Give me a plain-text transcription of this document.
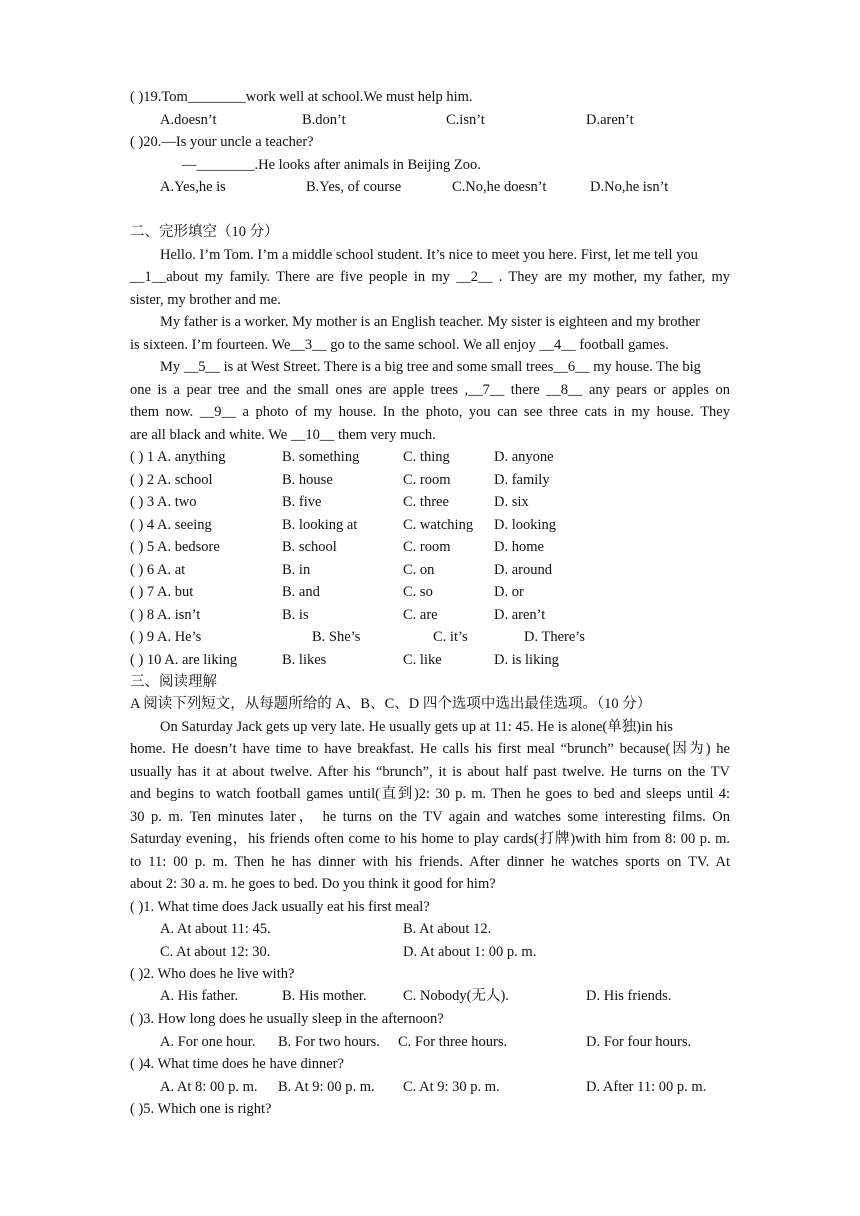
( )19.Tom________work well at school.We must help him.
A.doesn’t	B.don’t	C.isn’t	D.aren’t
( )20.—Is your uncle a teacher?
—________.He looks after animals in Beijing Zoo.
A.Yes,he is	B.Yes, of course	C.No,he doesn’t	D.No,he isn’t
二、完形填空（10 分）
Hello. I’m Tom. I’m a middle school student. It’s nice to meet you here. First, let me tell you
__1__about my family. There are five people in my __2__ . They are my mother, my father, my
sister, my brother and me.
My father is a worker. My mother is an English teacher. My sister is eighteen and my brother
is sixteen. I’m fourteen. We__3__ go to the same school. We all enjoy __4__ football games.
My __5__ is at West Street. There is a big tree and some small trees__6__ my house. The big
one is a pear tree and the small ones are apple trees ,__7__ there __8__ any pears or apples on
them now. __9__ a photo of my house. In the photo, you can see three cats in my house. They
are all black and white. We __10__ them very much.
( ) 1 A. anything	B. something	C. thing	D. anyone
( ) 2 A. school	B. house	C. room	D. family
( ) 3 A. two	B. five	C. three	D. six
( ) 4 A. seeing	B. looking at	C. watching D. looking
( ) 5 A. bedsore	B. school	C. room	D. home
( ) 6 A. at	B. in	C. on	D. around
( ) 7 A. but	B. and	C. so	D. or
( ) 8 A. isn’t	B. is	C. are	D. aren’t
( ) 9 A. He’s	B. She’s	C. it’s	D. There’s
( ) 10 A. are liking	B. likes	C. like	D. is liking
三、阅读理解
A 阅读下列短文，从每题所给的 A、B、C、D 四个选项中选出最佳选项。（10 分）
On Saturday Jack gets up very late. He usually gets up at 11: 45. He is alone(单独)in his
home. He doesn’t have time to have breakfast. He calls his first meal “brunch” because(因为) he
usually has it at about twelve. After his “brunch”, it is about half past twelve. He turns on the TV
and begins to watch football games until(直到)2: 30 p. m. Then he goes to bed and sleeps until 4:
30 p. m. Ten minutes later， he turns on the TV again and watches some interesting films. On
Saturday evening，his friends often come to his home to play cards(打牌)with him from 8: 00 p. m.
to 11: 00 p. m. Then he has dinner with his friends. After dinner he watches sports on TV. At
about 2: 30 a. m. he goes to bed. Do you think it good for him?
( )1. What time does Jack usually eat his first meal?
A. At about 11: 45.	B. At about 12.
C. At about 12: 30.	D. At about 1: 00 p. m.
( )2. Who does he live with?
A. His father.	B. His mother.	C. Nobody(无人).	D. His friends.
( )3. How long does he usually sleep in the afternoon?
A. For one hour. B. For two hours. C. For three hours.	D. For four hours.
( )4. What time does he have dinner?
A. At 8: 00 p. m. B. At 9: 00 p. m. C. At 9: 30 p. m.	D. After 11: 00 p. m.
( )5. Which one is right?
